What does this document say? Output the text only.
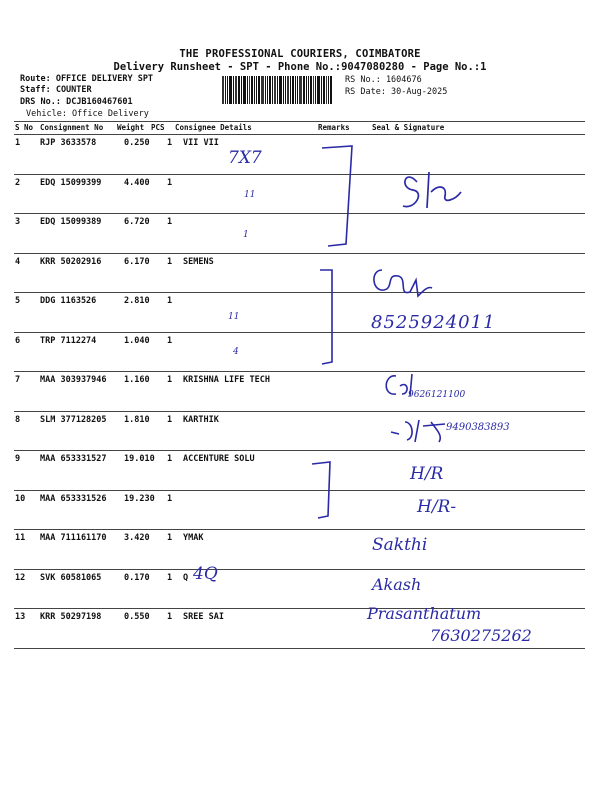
THE PROFESSIONAL COURIERS, COIMBATORE
Delivery Runsheet - SPT - Phone No.:9047080280 - Page No.:1
Route: OFFICE DELIVERY SPT
Staff: COUNTER
DRS No.: DCJB160467601
Vehicle: Office Delivery
RS No.: 1604676
RS Date: 30-Aug-2025
S No Consignment No Weight PCS Consignee Details	Remarks	Seal & Signature
1 RJP 3633578	0.250 1 VII VII
2 EDQ 15099399	4.400 1
3 EDQ 15099389	6.720 1
4 KRR 50202916	6.170 1 SEMENS
5 DDG 1163526	2.810 1
6 TRP 7112274	1.040 1
7 MAA 303937946 1.160 1 KRISHNA LIFE TECH
8 SLM 377128205 1.810 1 KARTHIK
9 MAA 653331527 19.010 1 ACCENTURE SOLU
10 MAA 653331526 19.230 1
11 MAA 711161170 3.420 1 YMAK
12 SVK 60581065	0.170 1 Q
13 KRR 50297198	0.550 1 SREE SAI
7X7
11
1
11
4
8525924011
9626121100
9490383893
H/R
H/R-
Sakthi
4Q
Akash
Prasanthatum
7630275262
